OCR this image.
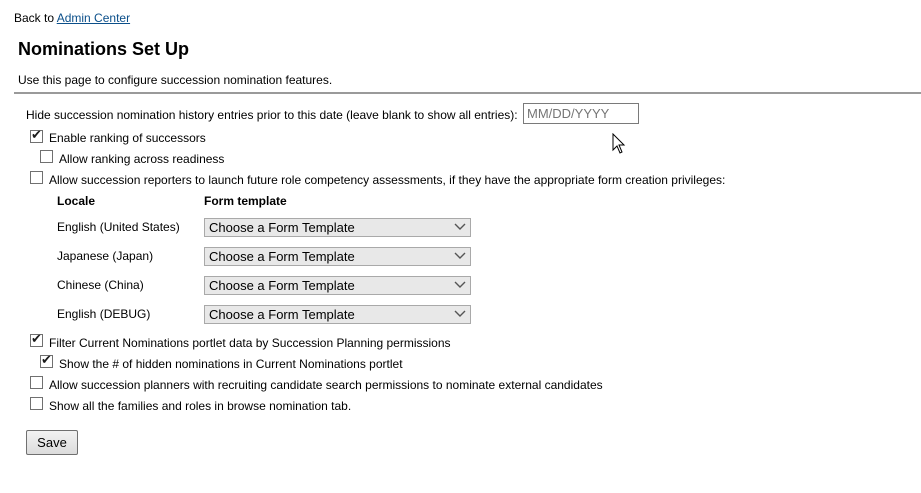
Back to Admin Center
Nominations Set Up
Use this page to configure succession nomination features.
Hide succession nomination history entries prior to this date (leave blank to show all entries):
MM/DD/YYYY
✔ Enable ranking of successors
Allow ranking across readiness
Allow succession reporters to launch future role competency assessments, if they have the appropriate form creation privileges:
Locale	Form template
English (United States) Choose a Form Template
Japanese (Japan)	Choose a Form Template
Chinese (China)	Choose a Form Template
English (DEBUG)	Choose a Form Template
✔ Filter Current Nominations portlet data by Succession Planning permissions
✔ Show the # of hidden nominations in Current Nominations portlet
Allow succession planners with recruiting candidate search permissions to nominate external candidates
Show all the families and roles in browse nomination tab.
Save
